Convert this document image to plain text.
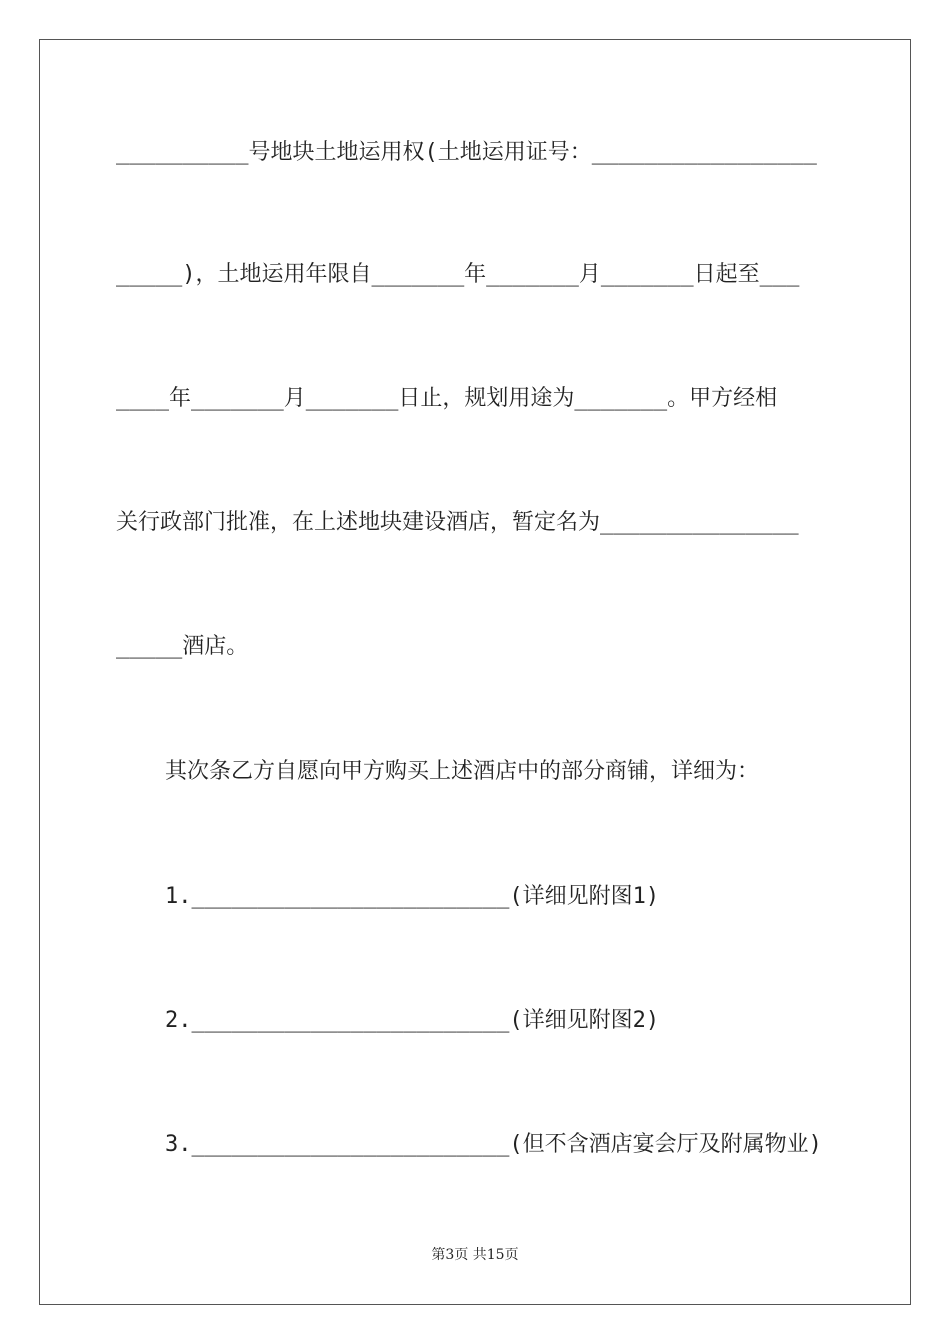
__________号地块土地运用权(土地运用证号：_________________
_____)，土地运用年限自_______年_______月_______日起至___
____年_______月_______日止，规划用途为_______。甲方经相
关行政部门批准，在上述地块建设酒店，暂定名为_______________
_____酒店。
其次条乙方自愿向甲方购买上述酒店中的部分商铺，详细为：
1.________________________(详细见附图1)
2.________________________(详细见附图2)
3.________________________(但不含酒店宴会厅及附属物业)
第3页 共15页
